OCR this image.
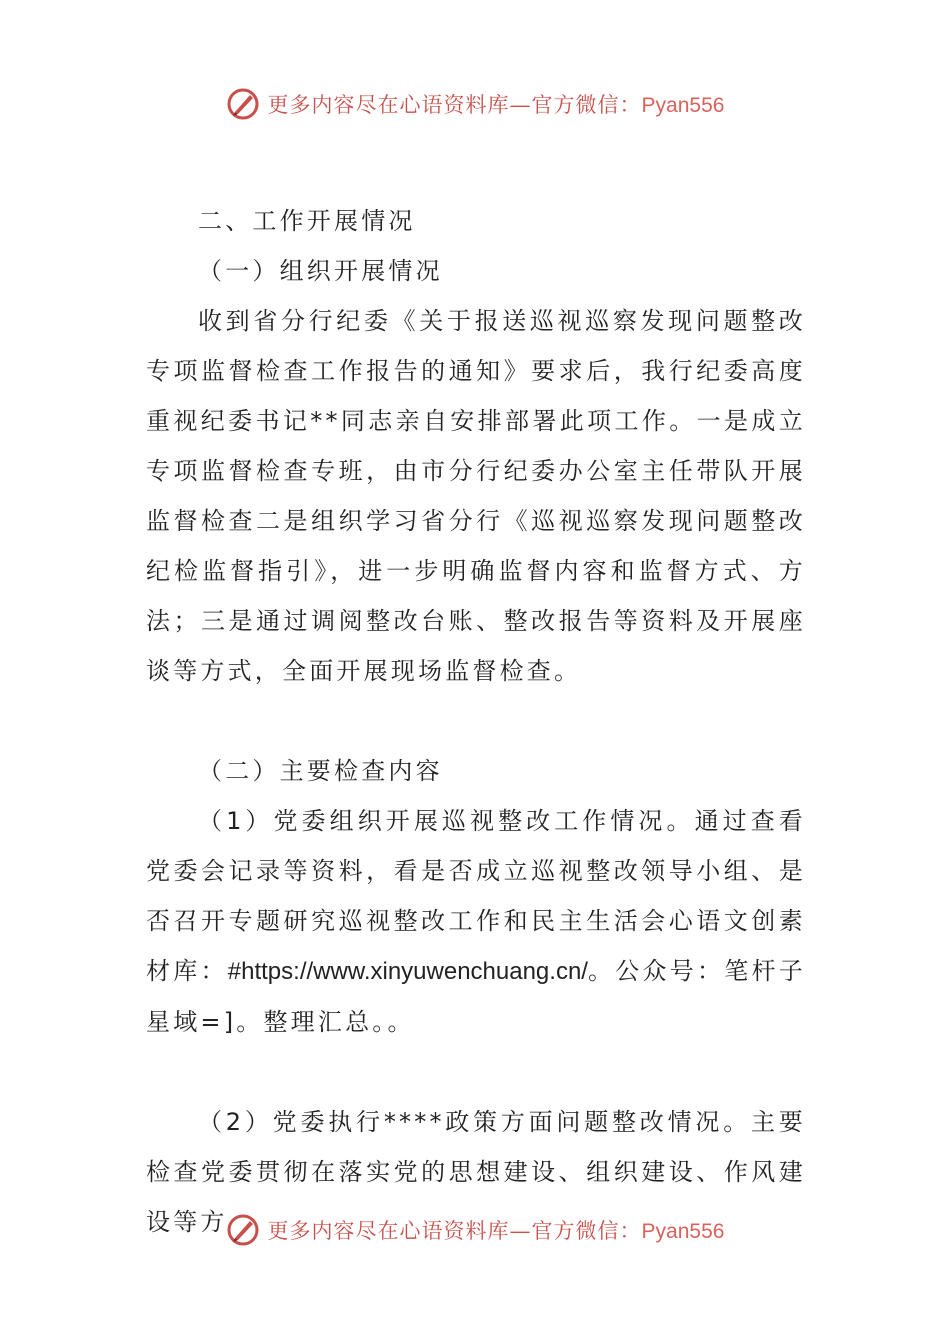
更多内容尽在心语资料库—官方微信：Pyan556

二、工作开展情况

（一）组织开展情况

收到省分行纪委《关于报送巡视巡察发现问题整改专项监督检查工作报告的通知》要求后，我行纪委高度重视纪委书记**同志亲自安排部署此项工作。一是成立专项监督检查专班，由市分行纪委办公室主任带队开展监督检查二是组织学习省分行《巡视巡察发现问题整改纪检监督指引》，进一步明确监督内容和监督方式、方法；三是通过调阅整改台账、整改报告等资料及开展座谈等方式，全面开展现场监督检查。

（二）主要检查内容

（1）党委组织开展巡视整改工作情况。通过查看党委会记录等资料，看是否成立巡视整改领导小组、是否召开专题研究巡视整改工作和民主生活会心语文创素材库：#https://www.xinyuwenchuang.cn/。公众号：笔杆子星域=]。整理汇总。。

（2）党委执行****政策方面问题整改情况。主要检查党委贯彻在落实党的思想建设、组织建设、作风建设等方	更多内容尽在心语资料库—官方微信：Pyan556
